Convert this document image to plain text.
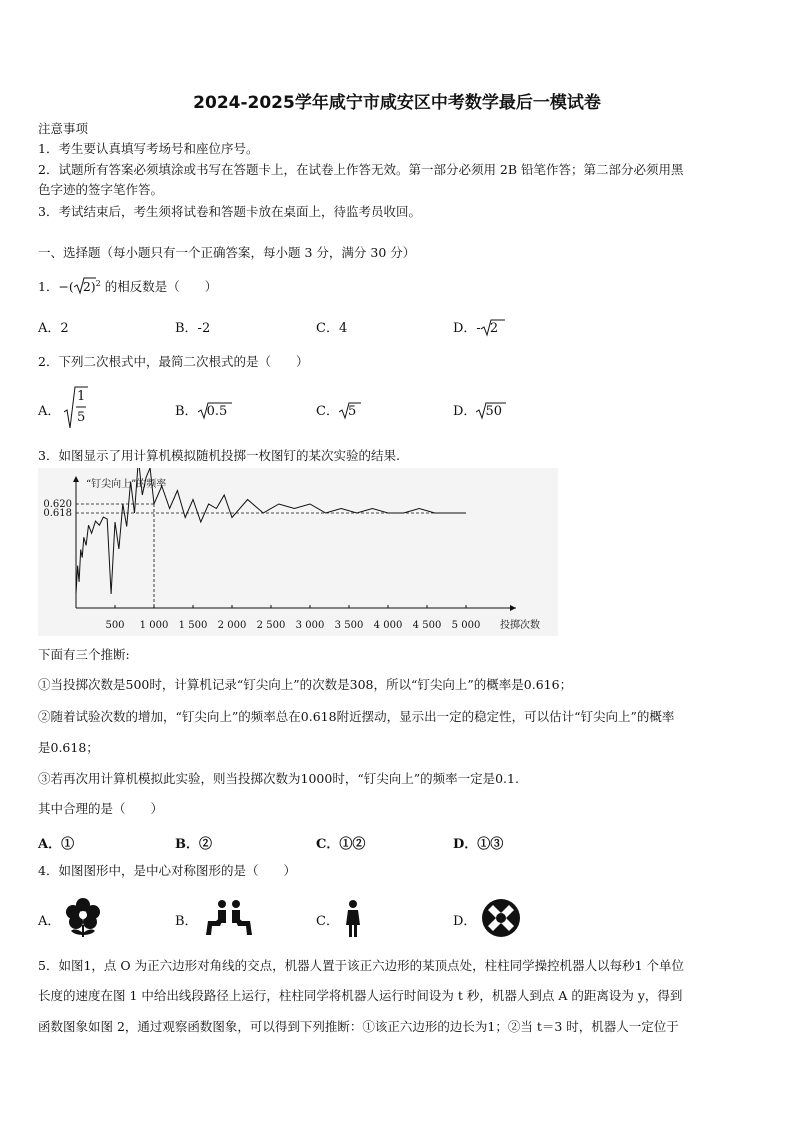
2024-2025学年咸宁市咸安区中考数学最后一模试卷
注意事项
1．考生要认真填写考场号和座位序号。
2．试题所有答案必须填涂或书写在答题卡上，在试卷上作答无效。第一部分必须用 2B 铅笔作答；第二部分必须用黑
色字迹的签字笔作答。
3．考试结束后，考生须将试卷和答题卡放在桌面上，待监考员收回。
一、选择题（每小题只有一个正确答案，每小题 3 分，满分 30 分）
1．−( 2)$^2$ 的相反数是（　　）
A．2	B．-2	C．4	D．- 2
2．下列二次根式中，最简二次根式的是（　　）
A．
1
5	B． 0.5	C． 5	D． 50
3．如图显示了用计算机模拟随机投掷一枚图钉的某次实验的结果.
“钉尖向上”的频率
投掷次数
500 1 000 1 500 2 000 2 500 3 000 3 500 4 000 4 500 5 000
0.620
0.618
下面有三个推断:
①当投掷次数是500时，计算机记录“钉尖向上”的次数是308，所以“钉尖向上”的概率是0.616；
②随着试验次数的增加，“钉尖向上”的频率总在0.618附近摆动，显示出一定的稳定性，可以估计“钉尖向上”的概率
是0.618；
③若再次用计算机模拟此实验，则当投掷次数为1000时，“钉尖向上”的频率一定是0.1.
其中合理的是（　　）
A．①	B．②	C．①②	D．①③
4．如图图形中，是中心对称图形的是（　　）
A．	B．	C．	D．
5．如图1，点 O 为正六边形对角线的交点，机器人置于该正六边形的某顶点处，柱柱同学操控机器人以每秒1 个单位
长度的速度在图 1 中给出线段路径上运行，柱柱同学将机器人运行时间设为 t 秒，机器人到点 A 的距离设为 y，得到
函数图象如图 2，通过观察函数图象，可以得到下列推断：①该正六边形的边长为1；②当 t＝3 时，机器人一定位于
